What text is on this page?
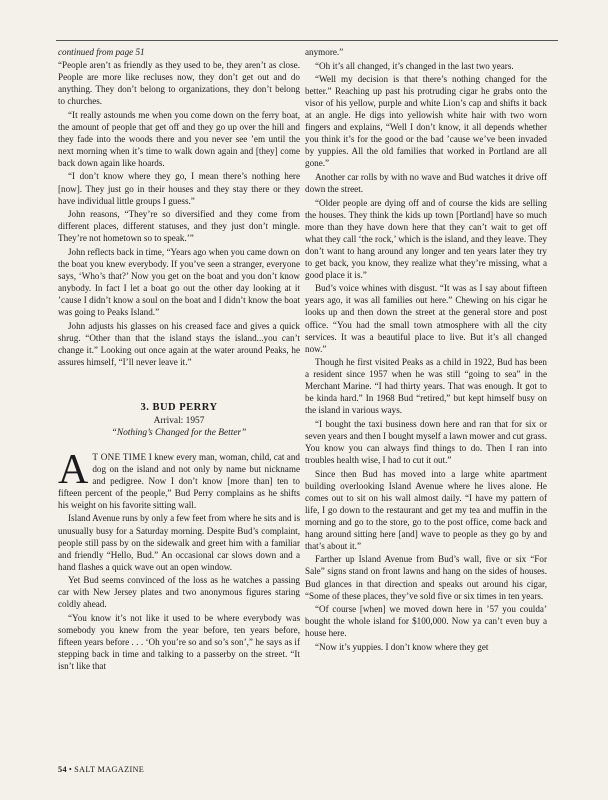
continued from page 51

“People aren’t as friendly as they used to be, they aren’t as close. People are more like recluses now, they don’t get out and do anything. They don’t belong to organizations, they don’t belong to churches.

“It really astounds me when you come down on the ferry boat, the amount of people that get off and they go up over the hill and they fade into the woods there and you never see ’em until the next morning when it’s time to walk down again and [they] come back down again like hoards.

“I don’t know where they go, I mean there’s nothing here [now]. They just go in their houses and they stay there or they have individual little groups I guess.”

John reasons, “They’re so diversified and they come from different places, different statuses, and they just don’t mingle. They’re not hometown so to speak.’”

John reflects back in time, “Years ago when you came down on the boat you knew everybody. If you’ve seen a stranger, everyone says, ‘Who’s that?’ Now you get on the boat and you don’t know anybody. In fact I let a boat go out the other day looking at it ’cause I didn’t know a soul on the boat and I didn’t know the boat was going to Peaks Island.”

John adjusts his glasses on his creased face and gives a quick shrug. “Other than that the island stays the island...you can’t change it.” Looking out once again at the water around Peaks, he assures himself, “I’ll never leave it.”

3. BUD PERRY
Arrival: 1957
“Nothing’s Changed for the Better”

A T ONE TIME I knew every man, woman, child, cat and dog on the island and not only by name but nickname and pedigree. Now I don’t know [more than] ten to fifteen percent of the people,” Bud Perry complains as he shifts his weight on his favorite sitting wall.

Island Avenue runs by only a few feet from where he sits and is unusually busy for a Saturday morning. Despite Bud’s complaint, people still pass by on the sidewalk and greet him with a familiar and friendly “Hello, Bud.” An occasional car slows down and a hand flashes a quick wave out an open window.

Yet Bud seems convinced of the loss as he watches a passing car with New Jersey plates and two anonymous figures staring coldly ahead.

“You know it’s not like it used to be where everybody was somebody you knew from the year before, ten years before, fifteen years before . . . ‘Oh you’re so and so’s son’,” he says as if stepping back in time and talking to a passerby on the street. “It isn’t like that

anymore.”

“Oh it’s all changed, it’s changed in the last two years.

“Well my decision is that there’s nothing changed for the better.” Reaching up past his protruding cigar he grabs onto the visor of his yellow, purple and white Lion’s cap and shifts it back at an angle. He digs into yellowish white hair with two worn fingers and explains, “Well I don’t know, it all depends whether you think it’s for the good or the bad ’cause we’ve been invaded by yuppies. All the old families that worked in Portland are all gone.”

Another car rolls by with no wave and Bud watches it drive off down the street.

“Older people are dying off and of course the kids are selling the houses. They think the kids up town [Portland] have so much more than they have down here that they can’t wait to get off what they call ‘the rock,’ which is the island, and they leave. They don’t want to hang around any longer and ten years later they try to get back, you know, they realize what they’re missing, what a good place it is.”

Bud’s voice whines with disgust. “It was as I say about fifteen years ago, it was all families out here.” Chewing on his cigar he looks up and then down the street at the general store and post office. “You had the small town atmosphere with all the city services. It was a beautiful place to live. But it’s all changed now.”

Though he first visited Peaks as a child in 1922, Bud has been a resident since 1957 when he was still “going to sea” in the Merchant Marine. “I had thirty years. That was enough. It got to be kinda hard.” In 1968 Bud “retired,” but kept himself busy on the island in various ways.

“I bought the taxi business down here and ran that for six or seven years and then I bought myself a lawn mower and cut grass. You know you can always find things to do. Then I ran into troubles health wise, I had to cut it out.”

Since then Bud has moved into a large white apartment building overlooking Island Avenue where he lives alone. He comes out to sit on his wall almost daily. “I have my pattern of life, I go down to the restaurant and get my tea and muffin in the morning and go to the store, go to the post office, come back and hang around sitting here [and] wave to people as they go by and that’s about it.”

Farther up Island Avenue from Bud’s wall, five or six “For Sale” signs stand on front lawns and hang on the sides of houses. Bud glances in that direction and speaks out around his cigar, “Some of these places, they’ve sold five or six times in ten years.

“Of course [when] we moved down here in ’57 you coulda’ bought the whole island for $100,000. Now ya can’t even buy a house here.

“Now it’s yuppies. I don’t know where they get

54 • SALT MAGAZINE
